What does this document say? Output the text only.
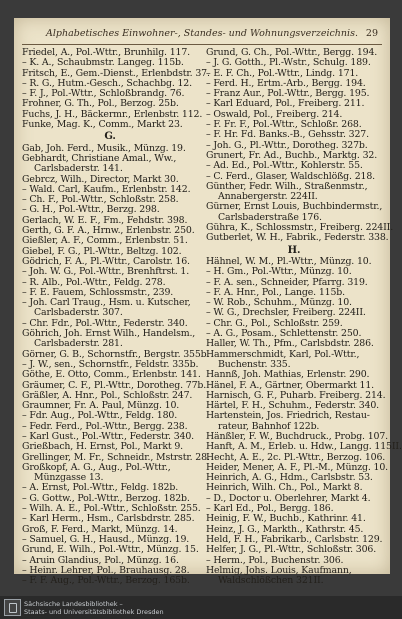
Alphabetisches Einwohner-, Standes- und Wohnungsverzeichnis. 29
Friedel, A., Pol.-Wttr., Brunhilg. 117.
– K. A., Schaubmstr. Langeg. 115b.
Fritsch, E., Gem.-Dienst., Erlenbdstr. 37.
– R. G., Hutm.-Gesch., Schachbg. 12.
– F. J., Pol.-Wttr., Schloßbrandg. 76.
Frohner, G. Th., Pol., Berzog. 25b.
Fuchs, J. H., Bäckermr., Erlenbstr. 112.
Funke, Mag. K., Comm., Markt 23.
G.
Gab, Joh. Ferd., Musik., Münzg. 19.
Gebhardt, Christiane Amal., Ww.,
Carlsbaderstr. 141.
Gebrcz, Wilh., Director, Markt 30.
– Wald. Carl, Kaufm., Erlenbstr. 142.
– Ch. F., Pol.-Wttr., Schloßstr. 258.
– G. H., Pol.-Wttr., Berzg. 298.
Gerlach, W. E. F., Fm., Fehdstr. 398.
Gerth, G. F. A., Hrnw., Erlenbstr. 250.
Gießler, A. F., Comm., Erlenbstr. 51.
Giebel, F. G., Pl.-Wttr., Beltzg. 102.
Gödrich, F. A., Pl.-Wttr., Carolstr. 16.
– Joh. W. G., Pol.-Wttr., Brenhftrst. 1.
– R. Alb., Pol.-Wttr., Feldg. 278.
– F. E. Fauem, Schlossmstr., 239.
– Joh. Carl Traug., Hsm. u. Kutscher,
Carlsbaderstr. 307.
– Chr. Fdr., Pol.-Wttr., Federstr. 340.
Göhrich, Joh. Ernst Wilh., Handelsm.,
Carlsbaderstr. 281.
Görner, G. B., Schornstfr., Bergstr. 355b.
– J. W., sen., Schornstfr., Feldstr. 335b.
Göthe, E. Otto, Comm., Erlenbstr. 141.
Gräumer, C. F., Pl.-Wttr., Dorotheg. 77b.
Gräßler, A. Hnr., Pol., Schloßstr. 247.
Graumner, Fr. A. Paul, Münzg. 10.
– Fdr. Aug., Pol.-Wttr., Feldg. 180.
– Fedr. Ferd., Pol.-Wttr., Bergg. 238.
– Karl Gust., Pol.-Wttr., Federstr. 340.
Grießbach, H. Ernst, Pol., Markt 9.
Grellinger, M. Fr., Schneidr., Mstrstr. 28.
Großkopf, A. G., Aug., Pol.-Wttr.,
Münzgasse 13.
– A. Ernst, Pol.-Wttr., Feldg. 182b.
– G. Gottw., Pol.-Wttr., Berzog. 182b.
– Wilh. A. E., Pol.-Wttr., Schloßstr. 255.
– Karl Herm., Hsm., Carlsbdrstr. 285.
Groß, F. Ferd., Markt, Münzg. 14.
– Samuel, G. H., Hausd., Münzg. 19.
Grund, E. Wilh., Pol.-Wttr., Münzg. 15.
– Aruin Glandius, Pol., Münzg. 16.
– Heinr. Lehrer, Pol., Brauhausg. 28.
– F. F. Aug., Pol.-Wttr., Berzog. 165b.
Grund, G. Ch., Pol.-Wttr., Bergg. 194.
– J. G. Gotth., Pl.-Wstr., Schulg. 189.
– E. F. Ch., Pol.-Wttr., Lindg. 171.
– Ferd. H., Ertm.-Arb., Bergg. 194.
– Franz Aur., Pol.-Wttr., Bergg. 195.
– Karl Eduard, Pol., Freiberg. 211.
– Oswald, Pol., Freiberg. 214.
– F. Fr. F., Pol.-Wttr., Schloßr. 268.
– F. Hr. Fd. Banks.-B., Gehsstr. 327.
– Joh. G., Pl.-Wttr., Dorotheg. 327b.
Grunert, Fr. Ad., Buchb., Marktg. 32.
– Ad. Ed., Pol.-Wttr., Kohlerstr. 55.
– C. Ferd., Glaser, Waldschlößg. 218.
Günther, Fedr. Wilh., Straßenmstr.,
Annabergerstr. 224II.
Gürner, Ernst Louis, Buchbindermstr.,
Carlsbaderstraße 176.
Gühra, K., Schlossmstr., Freiberg. 224II.
Gutberlet, W. H., Fabrik., Federstr. 338.
H.
Hähnel, W. M., Pl.-Wttr., Münzg. 10.
– H. Gm., Pol.-Wttr., Münzg. 10.
– F. A. sen., Schneider, Pfarrg. 319.
– F. A. Hnr., Pol., Lange. 115b.
– W. Rob., Schuhm., Münzg. 10.
– W. G., Drechsler, Freiberg. 224II.
– Chr. G., Pol., Schloßstr. 259.
– A. G., Posam., Schlettenstr. 250.
Haller, W. Th., Pfm., Carlsbdstr. 286.
Hammerschmidt, Karl, Pol.-Wttr.,
Buchenstr. 335.
Hannß, Joh. Mathias, Erlenstr. 290.
Hänel, F. A., Gärtner, Obermarkt 11.
Harnisch, G. F., Puharb. Freiberg. 214.
Härtel, F. H., Schuhm., Federstr. 340.
Hartenstein, Jos. Friedrich, Restau-
rateur, Bahnhof 122b.
Hänßler, F. W., Buchdruck., Probg. 107.
Hanft, A. M., Erleb. u. Hdw., Langg. 115II.
Hecht, A. E., 2c. Pl.-Wttr., Berzog. 106.
Heider, Mener, A. F., Pl.-M., Münzg. 10.
Heinrich, A. G., Hdm., Carlsbstr. 53.
Heinrich, Wilh. Ch., Pol., Markt 8.
– D., Doctor u. Oberlehrer, Markt 4.
– Karl Ed., Pol., Bergg. 186.
Heinig, F. W., Buchb., Kathrinr. 41.
Heinz, J. G., Markth., Kathrstr. 45.
Held, F. H., Fabrikarb., Carlsbstr. 129.
Helfer, J. G., Pl.-Wttr., Schloßstr. 306.
– Herm., Pol., Buchenstr. 306.
Helmig, Johs. Louis, Kaufmann,
Waldschlößchen 321II.
Sächsische Landesbibliothek –
Staats- und Universitätsbibliothek Dresden
